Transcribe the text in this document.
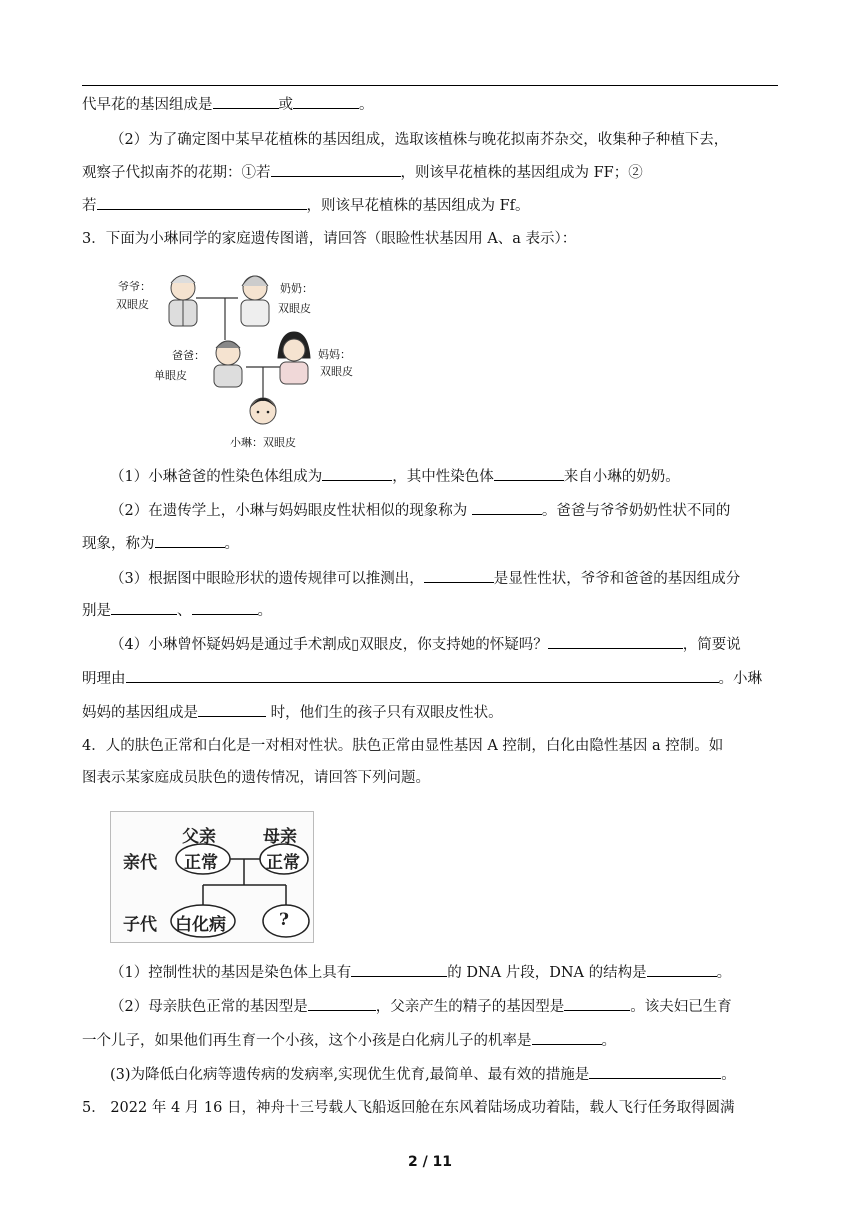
代早花的基因组成是	或	。
（2）为了确定图中某早花植株的基因组成，选取该植株与晚花拟南芥杂交，收集种子种植下去，
观察子代拟南芥的花期：①若	，则该早花植株的基因组成为 FF；②
若	，则该早花植株的基因组成为 Ff。
3．下面为小琳同学的家庭遗传图谱，请回答（眼睑性状基因用 A、a 表示）：
爷爷：
双眼皮
奶奶：
双眼皮
爸爸：
单眼皮
妈妈：
双眼皮
小琳：双眼皮
（1）小琳爸爸的性染色体组成为	，其中性染色体	来自小琳的奶奶。
（2）在遗传学上，小琳与妈妈眼皮性状相似的现象称为	。爸爸与爷爷奶奶性状不同的
现象，称为	。
（3）根据图中眼睑形状的遗传规律可以推测出，	是显性性状，爷爷和爸爸的基因组成分
别是	、	。
（4）小琳曾怀疑妈妈是通过手术割成▯双眼皮，你支持她的怀疑吗？	，简要说
明理由	。小琳
妈妈的基因组成是	时，他们生的孩子只有双眼皮性状。
4．人的肤色正常和白化是一对相对性状。肤色正常由显性基因 A 控制，白化由隐性基因 a 控制。如
图表示某家庭成员肤色的遗传情况，请回答下列问题。
父亲	母亲
亲代
子代
正常	正常
白化病	?
（1）控制性状的基因是染色体上具有	的 DNA 片段，DNA 的结构是	。
（2）母亲肤色正常的基因型是	，父亲产生的精子的基因型是	。该夫妇已生育
一个儿子，如果他们再生育一个小孩，这个小孩是白化病儿子的机率是	。
(3)为降低白化病等遗传病的发病率,实现优生优育,最简单、最有效的措施是	。
5． 2022 年 4 月 16 日，神舟十三号载人飞船返回舱在东风着陆场成功着陆，载人飞行任务取得圆满
2 / 11
